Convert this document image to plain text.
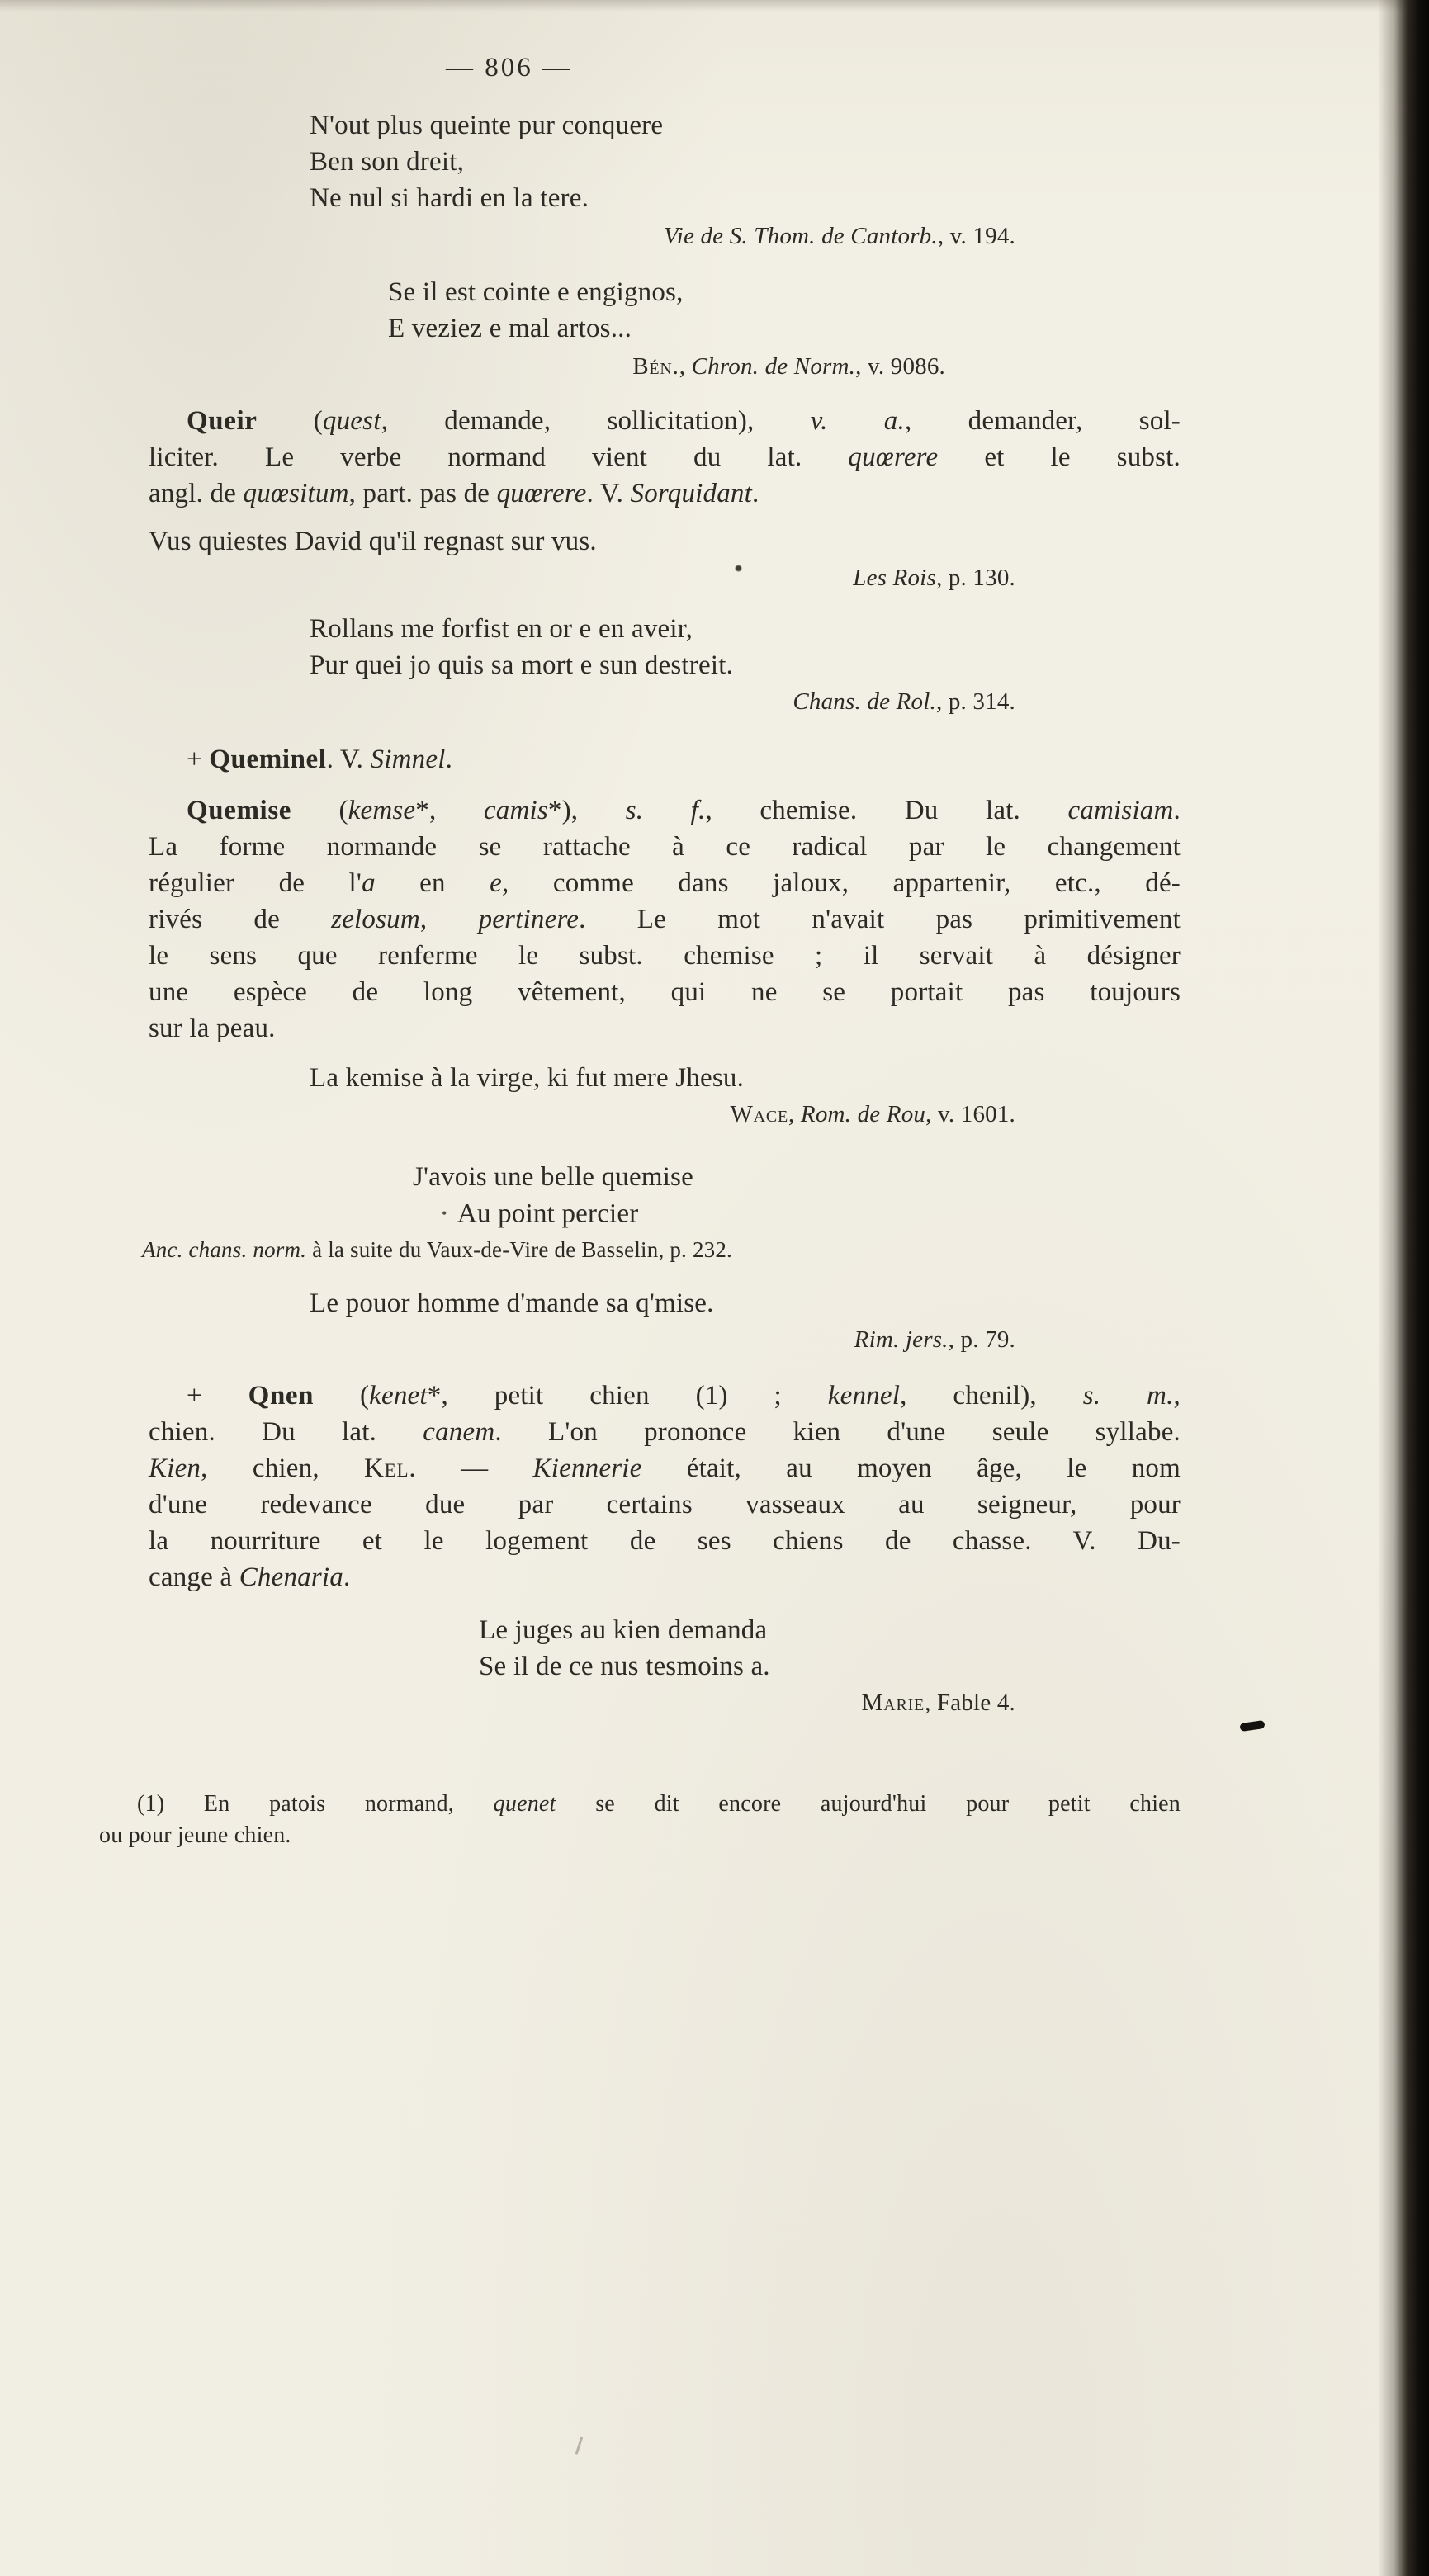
— 806 —
N'out plus queinte pur conquere
Ben son dreit,
Ne nul si hardi en la tere.
Vie de S. Thom. de Cantorb., v. 194.
Se il est cointe e engignos,
E veziez e mal artos...
Bén., Chron. de Norm., v. 9086.
Queir (quest, demande, sollicitation), v. a., demander, sol-
liciter. Le verbe normand vient du lat. quœrere et le subst.
angl. de quœsitum, part. pas de quœrere. V. Sorquidant.
Vus quiestes David qu'il regnast sur vus.
Les Rois, p. 130.
Rollans me forfist en or e en aveir,
Pur quei jo quis sa mort e sun destreit.
Chans. de Rol., p. 314.
+ Queminel. V. Simnel.
Quemise (kemse*, camis*), s. f., chemise. Du lat. camisiam.
La forme normande se rattache à ce radical par le changement
régulier de l'a en e, comme dans jaloux, appartenir, etc., dé-
rivés de zelosum, pertinere. Le mot n'avait pas primitivement
le sens que renferme le subst. chemise ; il servait à désigner
une espèce de long vêtement, qui ne se portait pas toujours
sur la peau.
La kemise à la virge, ki fut mere Jhesu.
Wace, Rom. de Rou, v. 1601.
J'avois une belle quemise
• Au point percier
Anc. chans. norm. à la suite du Vaux-de-Vire de Basselin, p. 232.
Le pouor homme d'mande sa q'mise.
Rim. jers., p. 79.
+ Qnen (kenet*, petit chien (1) ; kennel, chenil), s. m.,
chien. Du lat. canem. L'on prononce kien d'une seule syllabe.
Kien, chien, Kel. — Kiennerie était, au moyen âge, le nom
d'une redevance due par certains vasseaux au seigneur, pour
la nourriture et le logement de ses chiens de chasse. V. Du-
cange à Chenaria.
Le juges au kien demanda
Se il de ce nus tesmoins a.
Marie, Fable 4.
(1) En patois normand, quenet se dit encore aujourd'hui pour petit chien
ou pour jeune chien.
